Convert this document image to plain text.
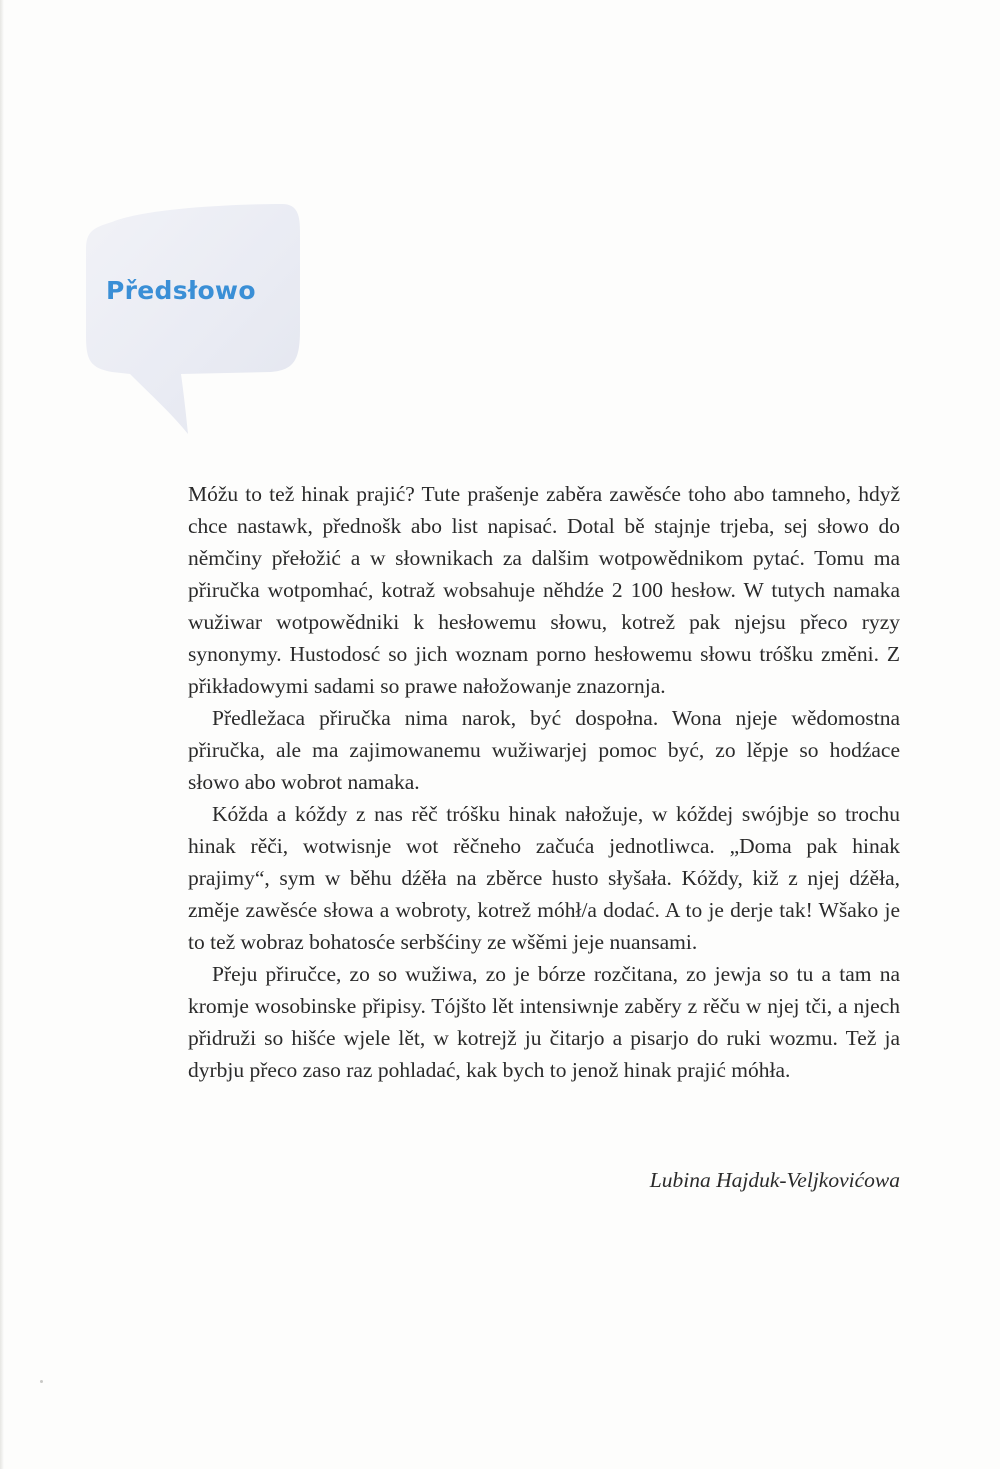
Předsłowo

Móžu to tež hinak prajić? Tute prašenje zaběra zawěsće toho abo tamneho, hdyž chce nastawk, přednošk abo list napisać. Dotal bě stajnje trjeba, sej słowo do němčiny přełožić a w słownikach za dalšim wotpowědnikom pytać. Tomu ma přiručka wotpomhać, kotraž wobsahuje něhdźe 2 100 hesłow. W tutych namaka wužiwar wotpowědniki k hesłowemu słowu, kotrež pak njejsu přeco ryzy synonymy. Hustodosć so jich woznam porno hesłowemu słowu tróšku změni. Z přikładowymi sadami so prawe nałožowanje znazornja.

Předležaca přiručka nima narok, być dospołna. Wona njeje wědomostna přiručka, ale ma zajimowanemu wužiwarjej pomoc być, zo lěpje so hodźace słowo abo wobrot namaka.

Kóžda a kóždy z nas rěč tróšku hinak nałožuje, w kóždej swójbje so trochu hinak rěči, wotwisnje wot rěčneho začuća jednotliwca. „Doma pak hinak prajimy“, sym w běhu dźěła na zběrce husto słyšała. Kóždy, kiž z njej dźěła, změje zawěsće słowa a wobroty, kotrež móhł/a dodać. A to je derje tak! Wšako je to tež wobraz bohatosće serbšćiny ze wšěmi jeje nuansami.

Přeju přiručce, zo so wužiwa, zo je bórze rozčitana, zo jewja so tu a tam na kromje wosobinske připisy. Tójšto lět intensiwnje zaběry z rěču w njej tči, a njech přidruži so hišće wjele lět, w kotrejž ju čitarjo a pisarjo do ruki wozmu. Tež ja dyrbju přeco zaso raz pohladać, kak bych to jenož hinak prajić móhła.

Lubina Hajduk-Veljkovićowa
